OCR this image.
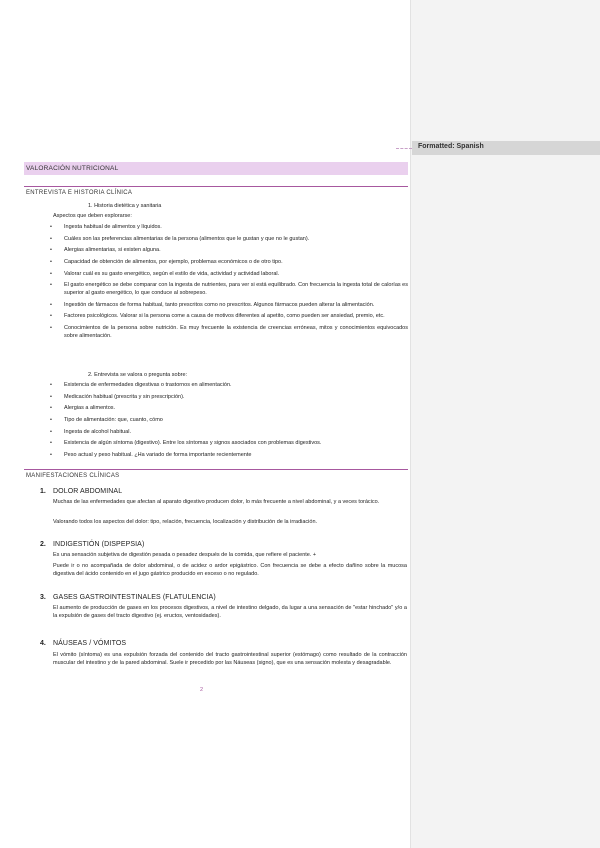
Formatted: Spanish
VALORACIÓN NUTRICIONAL
ENTREVISTA E HISTORIA CLÍNICA
1. Historia dietética y sanitaria
Aspectos que deben explorarse:
• Ingesta habitual de alimentos y líquidos.
• Cuáles son las preferencias alimentarias de la persona (alimentos que le gustan y que no le gustan).
• Alergias alimentarias, si existen alguna.
• Capacidad de obtención de alimentos, por ejemplo, problemas económicos o de otro tipo.
• Valorar cuál es su gasto energético, según el estilo de vida, actividad y actividad laboral.
• El gasto energético se debe comparar con la ingesta de nutrientes, para ver si está equilibrado. Con frecuencia la ingesta total de calorías es superior al gasto energético, lo que conduce al sobrepeso.
• Ingestión de fármacos de forma habitual, tanto prescritos como no prescritos. Algunos fármacos pueden alterar la alimentación.
• Factores psicológicos. Valorar si la persona come a causa de motivos diferentes al apetito, como pueden ser ansiedad, premio, etc.
• Conocimientos de la persona sobre nutrición. Es muy frecuente la existencia de creencias erróneas, mitos y conocimientos equivocados sobre alimentación.
2. Entrevista se valora o pregunta sobre:
• Existencia de enfermedades digestivas o trastornos en alimentación.
• Medicación habitual (prescrita y sin prescripción).
• Alergias a alimentos.
• Tipo de alimentación: que, cuanto, cómo
• Ingesta de alcohol habitual.
• Existencia de algún síntoma (digestivo). Entre los síntomas y signos asociados con problemas digestivos.
• Peso actual y peso habitual. ¿Ha variado de forma importante recientemente
MANIFESTACIONES CLÍNICAS
1. DOLOR ABDOMINAL
Muchas de las enfermedades que afectan al aparato digestivo producen dolor, lo más frecuente a nivel abdominal, y a veces torácico.
Valorando todos los aspectos del dolor: tipo, relación, frecuencia, localización y distribución de la irradiación.
2. INDIGESTIÓN (DISPEPSIA)
Es una sensación subjetiva de digestión pesada o pesadez después de la comida, que refiere el paciente. +
Puede ir o no acompañada de dolor abdominal, o de acidez o ardor epigástrico. Con frecuencia se debe a efecto dañino sobre la mucosa digestiva del ácido contenido en el jugo gástrico producido en exceso o no regulado.
3. GASES GASTROINTESTINALES (FLATULENCIA)
El aumento de producción de gases en los procesos digestivos, a nivel de intestino delgado, da lugar a una sensación de "estar hinchado" y/o a la expulsión de gases del tracto digestivo (ej. eructos, ventosidades).
4. NÁUSEAS / VÓMITOS
El vómito (síntoma) es una expulsión forzada del contenido del tracto gastrointestinal superior (estómago) como resultado de la contracción muscular del intestino y de la pared abdominal. Suele ir precedido por las Náuseas (signo), que es una sensación molesta y desagradable.
2
